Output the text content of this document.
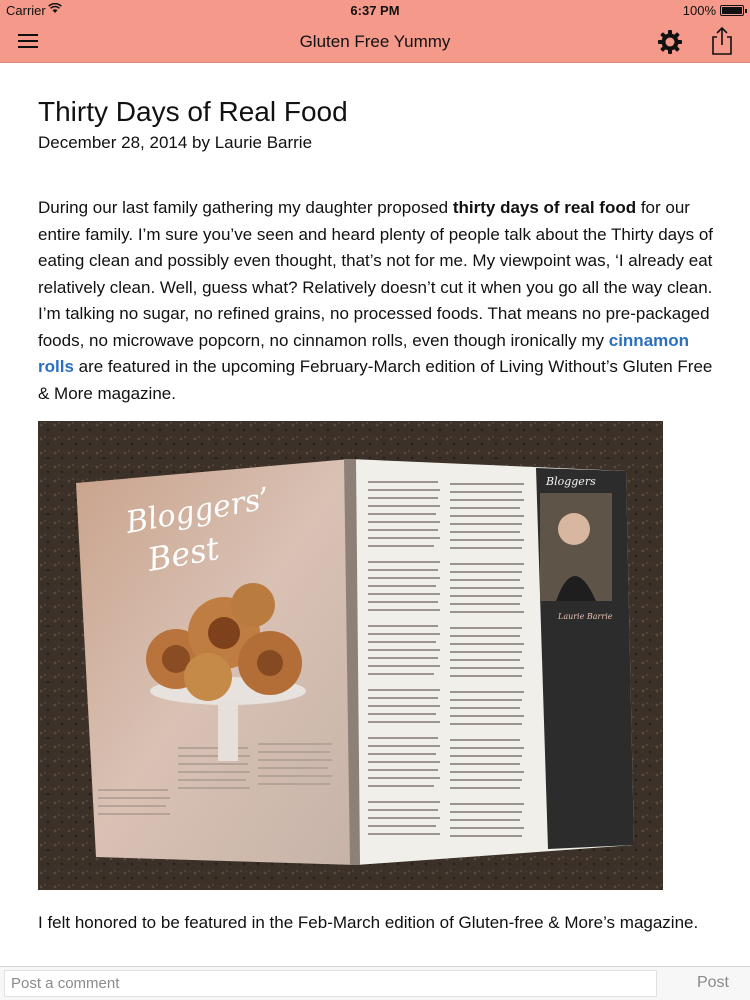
Carrier	6:37 PM	100%
Gluten Free Yummy
Thirty Days of Real Food
December 28, 2014 by Laurie Barrie

During our last family gathering my daughter proposed thirty days of real food for our entire family. I’m sure you’ve seen and heard plenty of people talk about the Thirty days of eating clean and possibly even thought, that’s not for me. My viewpoint was, ‘I already eat relatively clean. Well, guess what? Relatively doesn’t cut it when you go all the way clean. I’m talking no sugar, no refined grains, no processed foods. That means no pre-packaged foods, no microwave popcorn, no cinnamon rolls, even though ironically my cinnamon rolls are featured in the upcoming February-March edition of Living Without’s Gluten Free & More magazine.

Bloggers
Laurie Barrie
Bloggers’
Best

I felt honored to be featured in the Feb-March edition of Gluten-free & More’s magazine.

Post a comment
Post
